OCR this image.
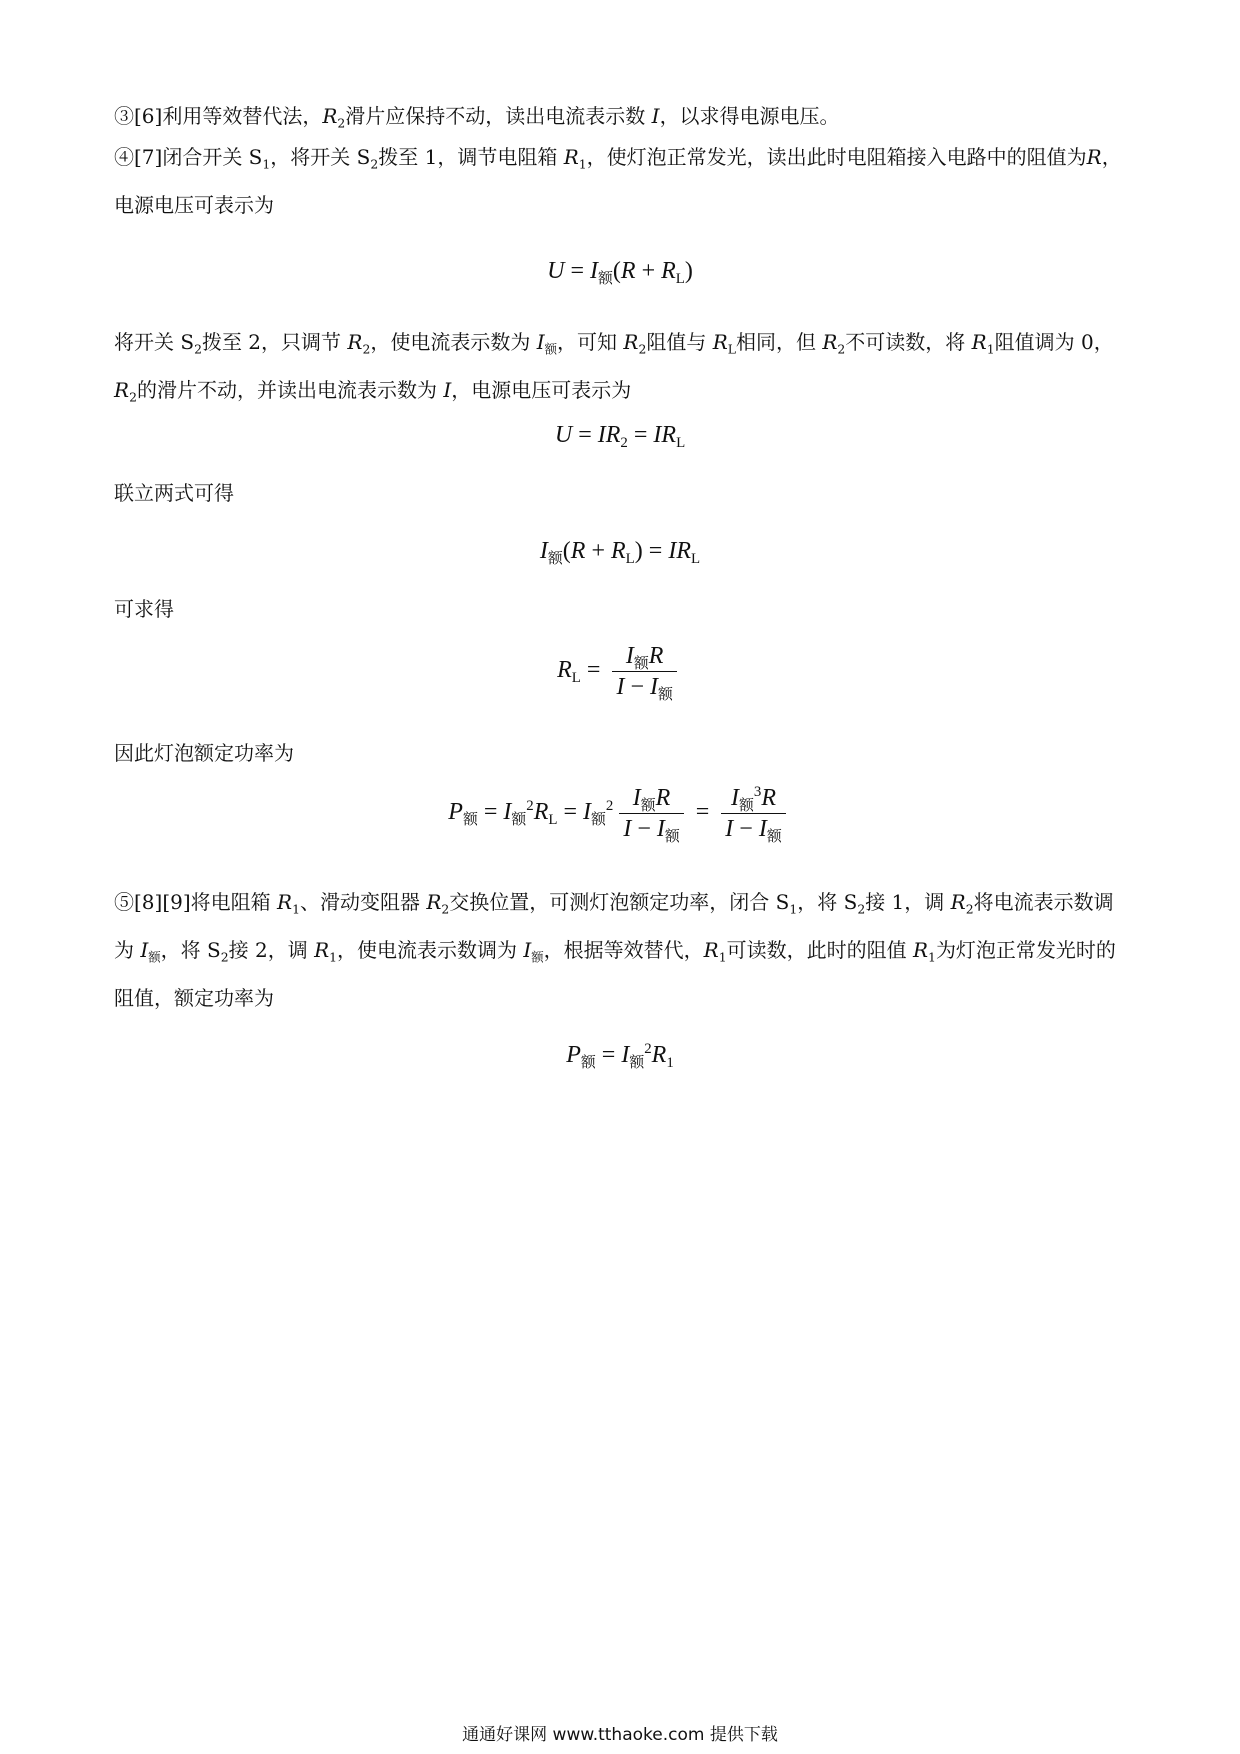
③[6]利用等效替代法，$R_2$滑片应保持不动，读出电流表示数 I，以求得电源电压。

④[7]闭合开关 $S_1$，将开关 $S_2$拨至 1，调节电阻箱 $R_1$，使灯泡正常发光，读出此时电阻箱接入电路中的阻值为R，电源电压可表示为

$U = I_额(R + R_L)$

将开关 $S_2$拨至 2，只调节 $R_2$，使电流表示数为 $I_额$，可知 $R_2$阻值与 $R_L$相同，但 $R_2$不可读数，将 $R_1$阻值调为 0，$R_2$的滑片不动，并读出电流表示数为 I，电源电压可表示为

$U = IR_2 = IR_L$

联立两式可得

$I_额(R + R_L) = IR_L$

可求得

$R_L = \frac{I_额R}{I - I_额}$

因此灯泡额定功率为

$P_额 = I_额^2R_L = I_额^2 \frac{I_额R}{I - I_额} = \frac{I_额^3R}{I - I_额}$

⑤[8][9]将电阻箱 $R_1$、滑动变阻器 $R_2$交换位置，可测灯泡额定功率，闭合 $S_1$，将 $S_2$接 1，调 $R_2$将电流表示数调为 $I_额$，将 $S_2$接 2，调 $R_1$，使电流表示数调为 $I_额$，根据等效替代，$R_1$可读数，此时的阻值 $R_1$为灯泡正常发光时的阻值，额定功率为

$P_额 = I_额^2R_1$
通通好课网 www.tthaoke.com 提供下载
